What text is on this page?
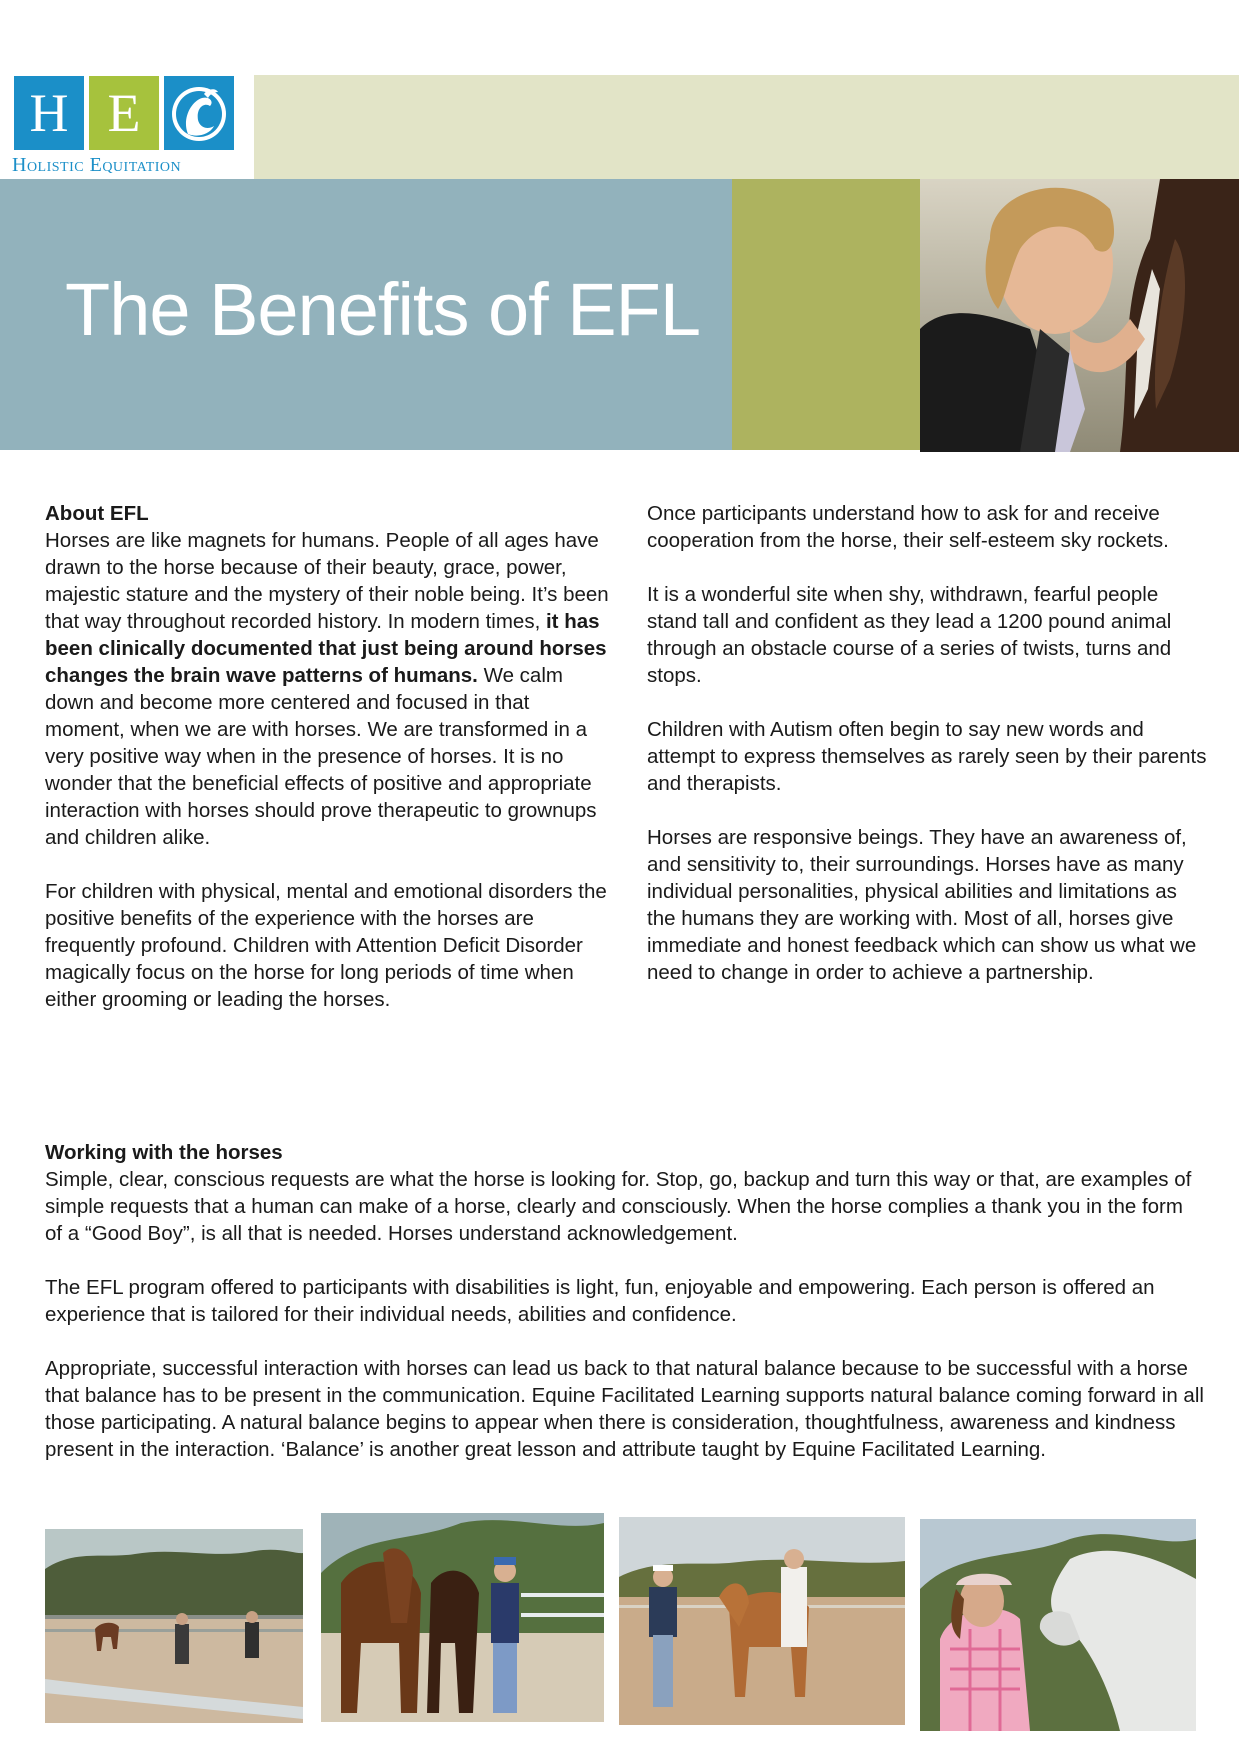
H E
Holistic Equitation
The Benefits of EFL

About EFL
Horses are like magnets for humans. People of all ages have drawn to the horse because of their beauty, grace, power, majestic stature and the mystery of their noble being. It’s been that way throughout recorded history. In modern times, it has been clinically documented that just being around horses changes the brain wave patterns of humans. We calm down and become more centered and focused in that moment, when we are with horses. We are transformed in a very positive way when in the presence of horses. It is no wonder that the beneficial effects of positive and appropriate interaction with horses should prove therapeutic to grownups and children alike.

For children with physical, mental and emotional disorders the positive benefits of the experience with the horses are frequently profound. Children with Attention Deficit Disorder magically focus on the horse for long periods of time when either grooming or leading the horses.

Once participants understand how to ask for and receive cooperation from the horse, their self-esteem sky rockets.

It is a wonderful site when shy, withdrawn, fearful people stand tall and confident as they lead a 1200 pound animal through an obstacle course of a series of twists, turns and stops.

Children with Autism often begin to say new words and attempt to express themselves as rarely seen by their parents and therapists.

Horses are responsive beings. They have an awareness of, and sensitivity to, their surroundings. Horses have as many individual personalities, physical abilities and limitations as the humans they are working with. Most of all, horses give immediate and honest feedback which can show us what we need to change in order to achieve a partnership.

Working with the horses
Simple, clear, conscious requests are what the horse is looking for. Stop, go, backup and turn this way or that, are examples of simple requests that a human can make of a horse, clearly and consciously. When the horse complies a thank you in the form of a “Good Boy”, is all that is needed. Horses understand acknowledgement.

The EFL program offered to participants with disabilities is light, fun, enjoyable and empowering. Each person is offered an experience that is tailored for their individual needs, abilities and confidence.

Appropriate, successful interaction with horses can lead us back to that natural balance because to be successful with a horse that balance has to be present in the communication. Equine Facilitated Learning supports natural balance coming forward in all those participating. A natural balance begins to appear when there is consideration, thoughtfulness, awareness and kindness present in the interaction. ‘Balance’ is another great lesson and attribute taught by Equine Facilitated Learning.
